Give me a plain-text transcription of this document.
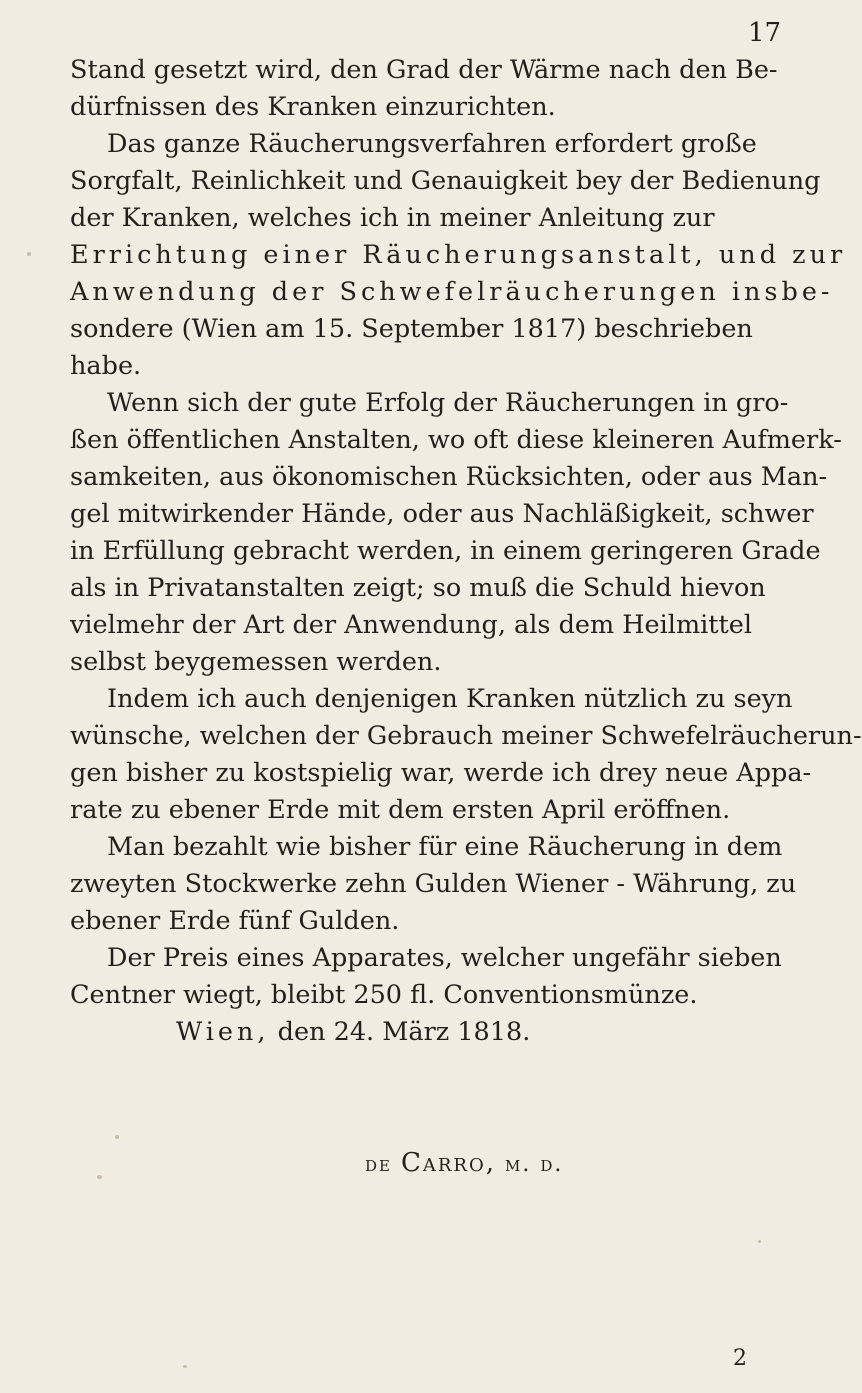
17
Stand gesetzt wird, den Grad der Wärme nach den Be-
dürfnissen des Kranken einzurichten.
Das ganze Räucherungsverfahren erfordert große
Sorgfalt, Reinlichkeit und Genauigkeit bey der Bedienung
der Kranken, welches ich in meiner Anleitung zur
Errichtung einer Räucherungsanstalt, und zur
Anwendung der Schwefelräucherungen insbe-
sondere (Wien am 15. September 1817) beschrieben
habe.
Wenn sich der gute Erfolg der Räucherungen in gro-
ßen öffentlichen Anstalten, wo oft diese kleineren Aufmerk-
samkeiten, aus ökonomischen Rücksichten, oder aus Man-
gel mitwirkender Hände, oder aus Nachläßigkeit, schwer
in Erfüllung gebracht werden, in einem geringeren Grade
als in Privatanstalten zeigt; so muß die Schuld hievon
vielmehr der Art der Anwendung, als dem Heilmittel
selbst beygemessen werden.
Indem ich auch denjenigen Kranken nützlich zu seyn
wünsche, welchen der Gebrauch meiner Schwefelräucherun-
gen bisher zu kostspielig war, werde ich drey neue Appa-
rate zu ebener Erde mit dem ersten April eröffnen.
Man bezahlt wie bisher für eine Räucherung in dem
zweyten Stockwerke zehn Gulden Wiener - Währung, zu
ebener Erde fünf Gulden.
Der Preis eines Apparates, welcher ungefähr sieben
Centner wiegt, bleibt 250 fl. Conventionsmünze.
Wien, den 24. März 1818.
de Carro, m. d.
2
